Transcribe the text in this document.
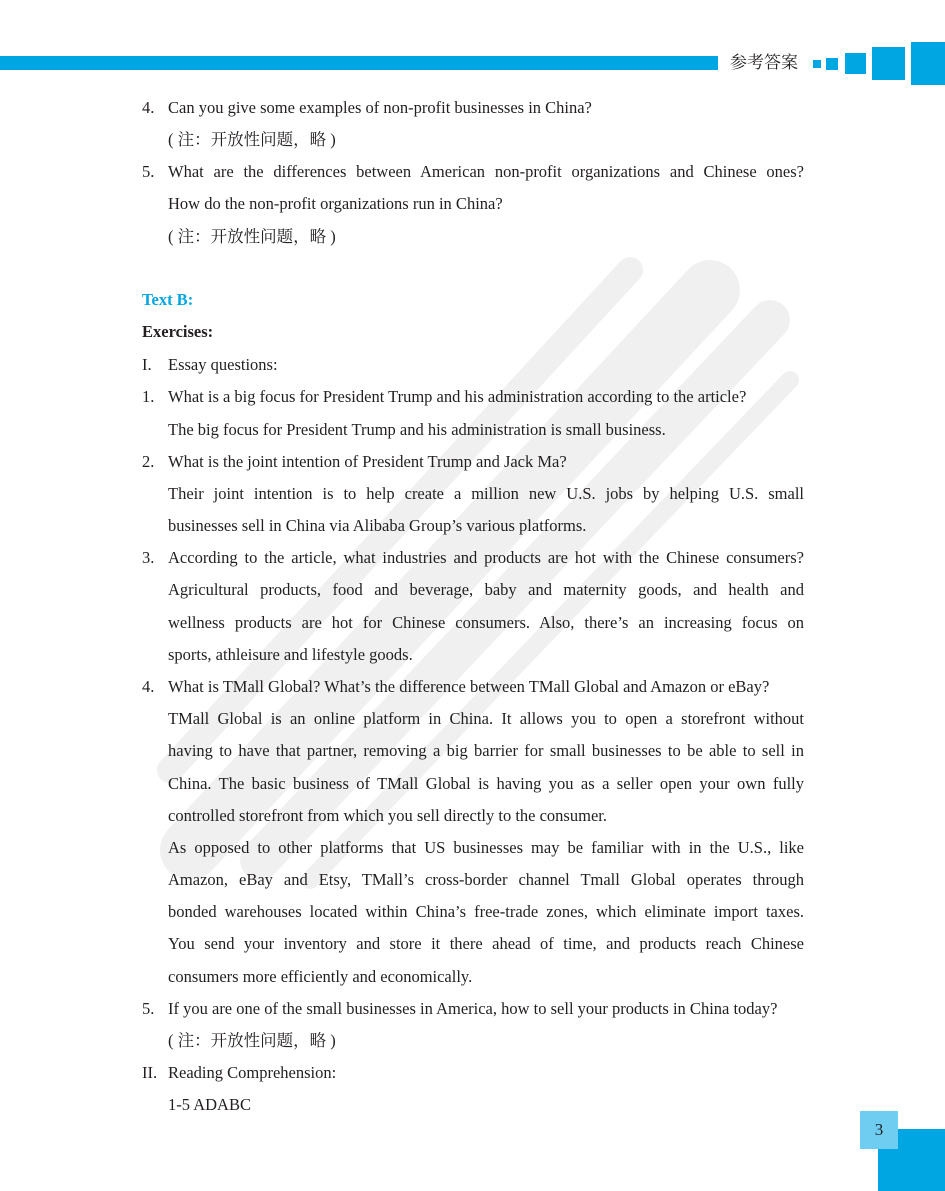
参考答案
4. Can you give some examples of non-profit businesses in China?
( 注：开放性问题，略 )
5. What are the differences between American non-profit organizations and Chinese ones?
How do the non-profit organizations run in China?
( 注：开放性问题，略 )
Text B:
Exercises:
I. Essay questions:
1. What is a big focus for President Trump and his administration according to the article?
The big focus for President Trump and his administration is small business.
2. What is the joint intention of President Trump and Jack Ma?
Their joint intention is to help create a million new U.S. jobs by helping U.S. small
businesses sell in China via Alibaba Group’s various platforms.
3. According to the article, what industries and products are hot with the Chinese consumers?
Agricultural products, food and beverage, baby and maternity goods, and health and
wellness products are hot for Chinese consumers. Also, there’s an increasing focus on
sports, athleisure and lifestyle goods.
4. What is TMall Global? What’s the difference between TMall Global and Amazon or eBay?
TMall Global is an online platform in China. It allows you to open a storefront without
having to have that partner, removing a big barrier for small businesses to be able to sell in
China. The basic business of TMall Global is having you as a seller open your own fully
controlled storefront from which you sell directly to the consumer.
As opposed to other platforms that US businesses may be familiar with in the U.S., like
Amazon, eBay and Etsy, TMall’s cross-border channel Tmall Global operates through
bonded warehouses located within China’s free-trade zones, which eliminate import taxes.
You send your inventory and store it there ahead of time, and products reach Chinese
consumers more efficiently and economically.
5. If you are one of the small businesses in America, how to sell your products in China today?
( 注：开放性问题，略 )
II. Reading Comprehension:
1-5 ADABC
3
